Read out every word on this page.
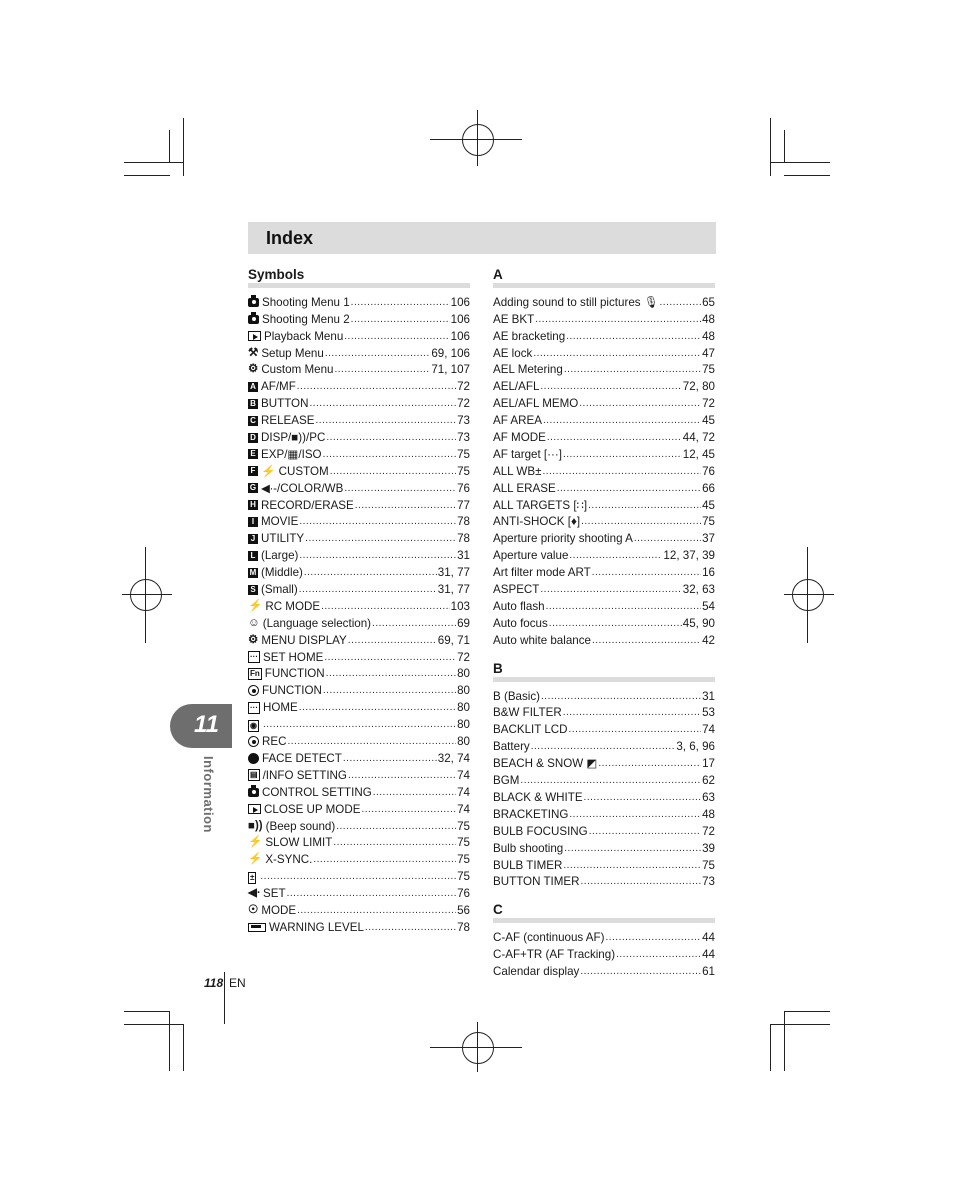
Index
Symbols
Shooting Menu 1 .....	106
Shooting Menu 2 .....	106
Playback Menu .....	106
⚒ Setup Menu .....	69, 106
⚙ Custom Menu .....	71, 107
A AF/MF .....	72
B BUTTON .....	72
C RELEASE .....	73
D DISP/■))/PC .....	73
E EXP/▦/ISO .....	75
F ⚡ CUSTOM .....	75
G ◀∙-/COLOR/WB .....	76
H RECORD/ERASE .....	77
I MOVIE .....	78
J UTILITY .....	78
L (Large) .....	31
M (Middle) .....	31, 77
S (Small) .....	31, 77
⚡ RC MODE .....	103
☺ (Language selection) .....	69
⚙ MENU DISPLAY .....	69, 71
··· SET HOME .....	72
Fn FUNCTION .....	80
FUNCTION .....	80
··· HOME .....	80
◉ .....	80
REC .....	80
FACE DETECT .....	32, 74
▤ /INFO SETTING .....	74
CONTROL SETTING .....	74
CLOSE UP MODE .....	74
■)) (Beep sound) .....	75
⚡ SLOW LIMIT .....	75
⚡ X-SYNC. .....	75
± .....	75
◀∙ SET .....	76
☉ MODE .....	56
WARNING LEVEL .....	78
A
Adding sound to still pictures 🎙 .....	65
AE BKT .....	48
AE bracketing .....	48
AE lock .....	47
AEL Metering .....	75
AEL/AFL .....	72, 80
AEL/AFL MEMO .....	72
AF AREA .....	45
AF MODE .....	44, 72
AF target [···] .....	12, 45
ALL WB± .....	76
ALL ERASE .....	66
ALL TARGETS [∷] .....	45
ANTI-SHOCK [♦] .....	75
Aperture priority shooting A .....	37
Aperture value .....	12, 37, 39
Art filter mode ART .....	16
ASPECT .....	32, 63
Auto flash .....	54
Auto focus .....	45, 90
Auto white balance .....	42
B
B (Basic) .....	31
B&W FILTER .....	53
BACKLIT LCD .....	74
Battery .....	3, 6, 96
BEACH & SNOW ◩ .....	17
BGM .....	62
BLACK & WHITE .....	63
BRACKETING .....	48
BULB FOCUSING .....	72
Bulb shooting .....	39
BULB TIMER .....	75
BUTTON TIMER .....	73
C
C-AF (continuous AF) .....	44
C-AF+TR (AF Tracking) .....	44
Calendar display .....	61
11
Information
118 EN
